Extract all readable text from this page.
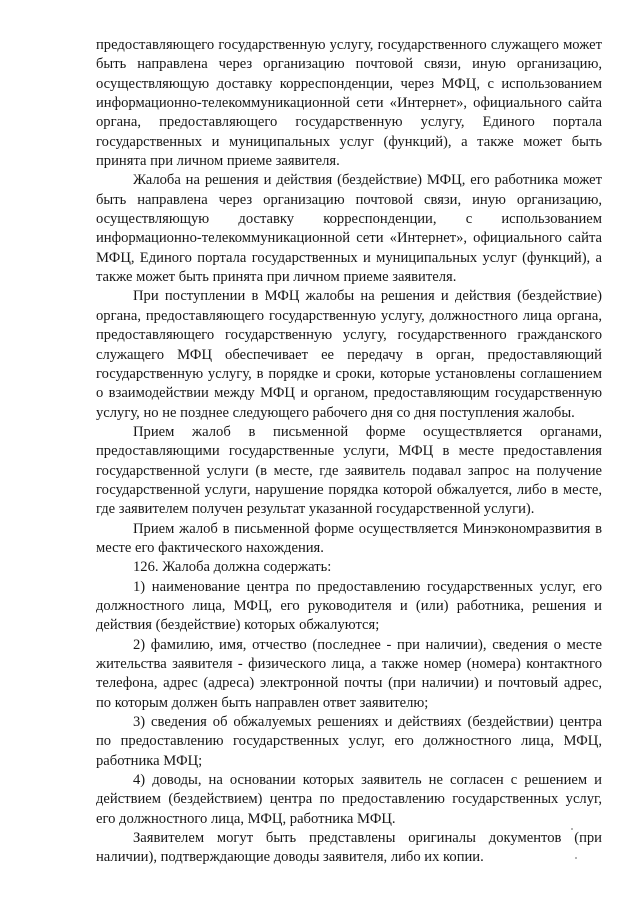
предоставляющего государственную услугу, государственного служащего может быть направлена через организацию почтовой связи, иную организацию, осуществляющую доставку корреспонденции, через МФЦ, с использованием информационно-телекоммуникационной сети «Интернет», официального сайта органа, предоставляющего государственную услугу, Единого портала государственных и муниципальных услуг (функций), а также может быть принята при личном приеме заявителя.

Жалоба на решения и действия (бездействие) МФЦ, его работника может быть направлена через организацию почтовой связи, иную организацию, осуществляющую доставку корреспонденции, с использованием информационно-телекоммуникационной сети «Интернет», официального сайта МФЦ, Единого портала государственных и муниципальных услуг (функций), а также может быть принята при личном приеме заявителя.

При поступлении в МФЦ жалобы на решения и действия (бездействие) органа, предоставляющего государственную услугу, должностного лица органа, предоставляющего государственную услугу, государственного гражданского служащего МФЦ обеспечивает ее передачу в орган, предоставляющий государственную услугу, в порядке и сроки, которые установлены соглашением о взаимодействии между МФЦ и органом, предоставляющим государственную услугу, но не позднее следующего рабочего дня со дня поступления жалобы.

Прием жалоб в письменной форме осуществляется органами, предоставляющими государственные услуги, МФЦ в месте предоставления государственной услуги (в месте, где заявитель подавал запрос на получение государственной услуги, нарушение порядка которой обжалуется, либо в месте, где заявителем получен результат указанной государственной услуги).

Прием жалоб в письменной форме осуществляется Минэкономразвития в месте его фактического нахождения.

126. Жалоба должна содержать:

1) наименование центра по предоставлению государственных услуг, его должностного лица, МФЦ, его руководителя и (или) работника, решения и действия (бездействие) которых обжалуются;

2) фамилию, имя, отчество (последнее - при наличии), сведения о месте жительства заявителя - физического лица, а также номер (номера) контактного телефона, адрес (адреса) электронной почты (при наличии) и почтовый адрес, по которым должен быть направлен ответ заявителю;

3) сведения об обжалуемых решениях и действиях (бездействии) центра по предоставлению государственных услуг, его должностного лица, МФЦ, работника МФЦ;

4) доводы, на основании которых заявитель не согласен с решением и действием (бездействием) центра по предоставлению государственных услуг, его должностного лица, МФЦ, работника МФЦ.

Заявителем могут быть представлены оригиналы документов (при наличии), подтверждающие доводы заявителя, либо их копии.
